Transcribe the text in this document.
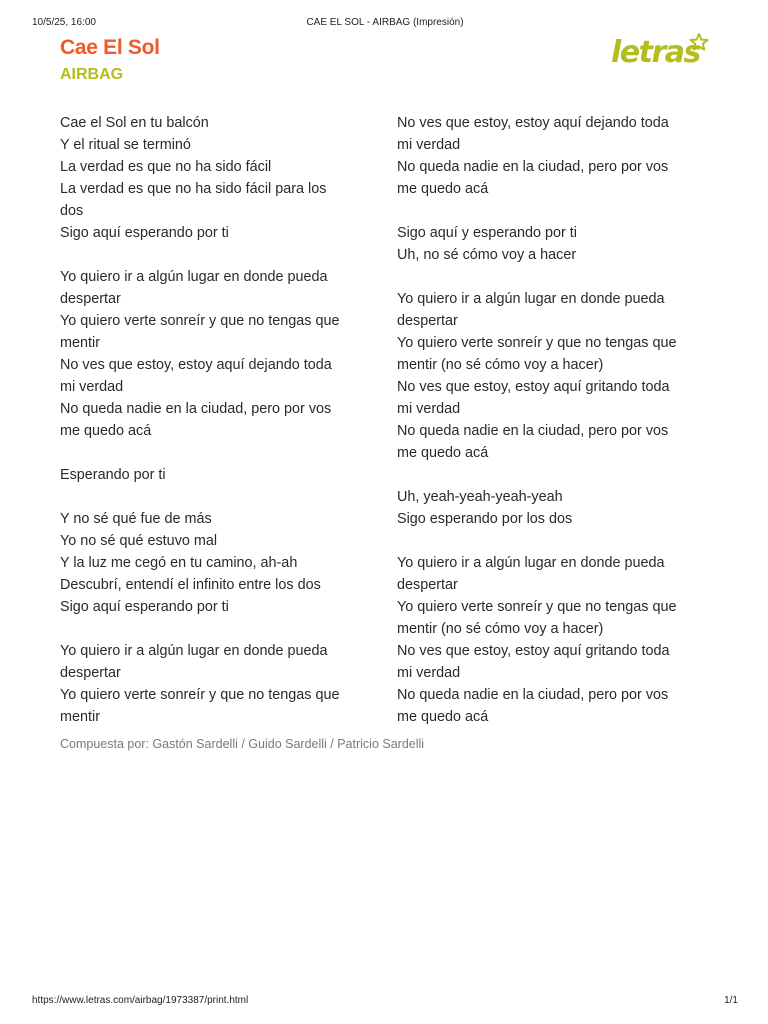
10/5/25, 16:00	CAE EL SOL - AIRBAG (Impresión)
Cae El Sol
AIRBAG
letras
Cae el Sol en tu balcón
Y el ritual se terminó
La verdad es que no ha sido fácil
La verdad es que no ha sido fácil para los
dos
Sigo aquí esperando por ti
Yo quiero ir a algún lugar en donde pueda
despertar
Yo quiero verte sonreír y que no tengas que
mentir
No ves que estoy, estoy aquí dejando toda
mi verdad
No queda nadie en la ciudad, pero por vos
me quedo acá
Esperando por ti
Y no sé qué fue de más
Yo no sé qué estuvo mal
Y la luz me cegó en tu camino, ah-ah
Descubrí, entendí el infinito entre los dos
Sigo aquí esperando por ti
Yo quiero ir a algún lugar en donde pueda
despertar
Yo quiero verte sonreír y que no tengas que
mentir
No ves que estoy, estoy aquí dejando toda
mi verdad
No queda nadie en la ciudad, pero por vos
me quedo acá
Sigo aquí y esperando por ti
Uh, no sé cómo voy a hacer
Yo quiero ir a algún lugar en donde pueda
despertar
Yo quiero verte sonreír y que no tengas que
mentir (no sé cómo voy a hacer)
No ves que estoy, estoy aquí gritando toda
mi verdad
No queda nadie en la ciudad, pero por vos
me quedo acá
Uh, yeah-yeah-yeah-yeah
Sigo esperando por los dos
Yo quiero ir a algún lugar en donde pueda
despertar
Yo quiero verte sonreír y que no tengas que
mentir (no sé cómo voy a hacer)
No ves que estoy, estoy aquí gritando toda
mi verdad
No queda nadie en la ciudad, pero por vos
me quedo acá
Compuesta por: Gastón Sardelli / Guido Sardelli / Patricio Sardelli
https://www.letras.com/airbag/1973387/print.html	1/1
